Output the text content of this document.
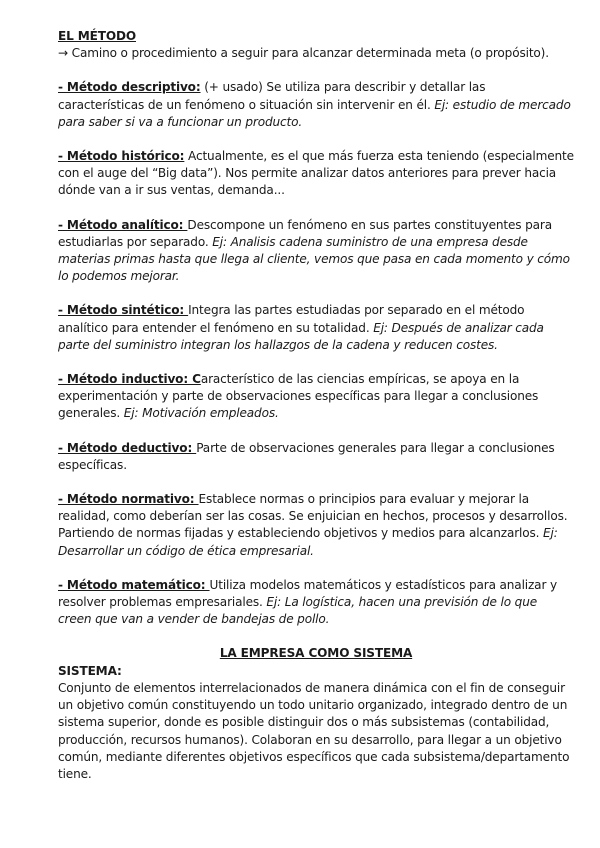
EL MÉTODO

→ Camino o procedimiento a seguir para alcanzar determinada meta (o propósito).

- Método descriptivo: (+ usado) Se utiliza para describir y detallar las características de un fenómeno o situación sin intervenir en él. Ej: estudio de mercado para saber si va a funcionar un producto.
- Método histórico: Actualmente, es el que más fuerza esta teniendo (especialmente con el auge del “Big data”). Nos permite analizar datos anteriores para prever hacia dónde van a ir sus ventas, demanda...
- Método analítico: Descompone un fenómeno en sus partes constituyentes para estudiarlas por separado. Ej: Analisis cadena suministro de una empresa desde materias primas hasta que llega al cliente, vemos que pasa en cada momento y cómo lo podemos mejorar.
- Método sintético: Integra las partes estudiadas por separado en el método analítico para entender el fenómeno en su totalidad. Ej: Después de analizar cada parte del suministro integran los hallazgos de la cadena y reducen costes.
- Método inductivo: Característico de las ciencias empíricas, se apoya en la experimentación y parte de observaciones específicas para llegar a conclusiones generales. Ej: Motivación empleados.
- Método deductivo: Parte de observaciones generales para llegar a conclusiones específicas.
- Método normativo: Establece normas o principios para evaluar y mejorar la realidad, como deberían ser las cosas. Se enjuician en hechos, procesos y desarrollos. Partiendo de normas fijadas y estableciendo objetivos y medios para alcanzarlos. Ej: Desarrollar un código de ética empresarial.
- Método matemático: Utiliza modelos matemáticos y estadísticos para analizar y resolver problemas empresariales. Ej: La logística, hacen una previsión de lo que creen que van a vender de bandejas de pollo.

LA EMPRESA COMO SISTEMA

SISTEMA:

Conjunto de elementos interrelacionados de manera dinámica con el fin de conseguir un objetivo común constituyendo un todo unitario organizado, integrado dentro de un sistema superior, donde es posible distinguir dos o más subsistemas (contabilidad, producción, recursos humanos). Colaboran en su desarrollo, para llegar a un objetivo común, mediante diferentes objetivos específicos que cada subsistema/departamento tiene.
